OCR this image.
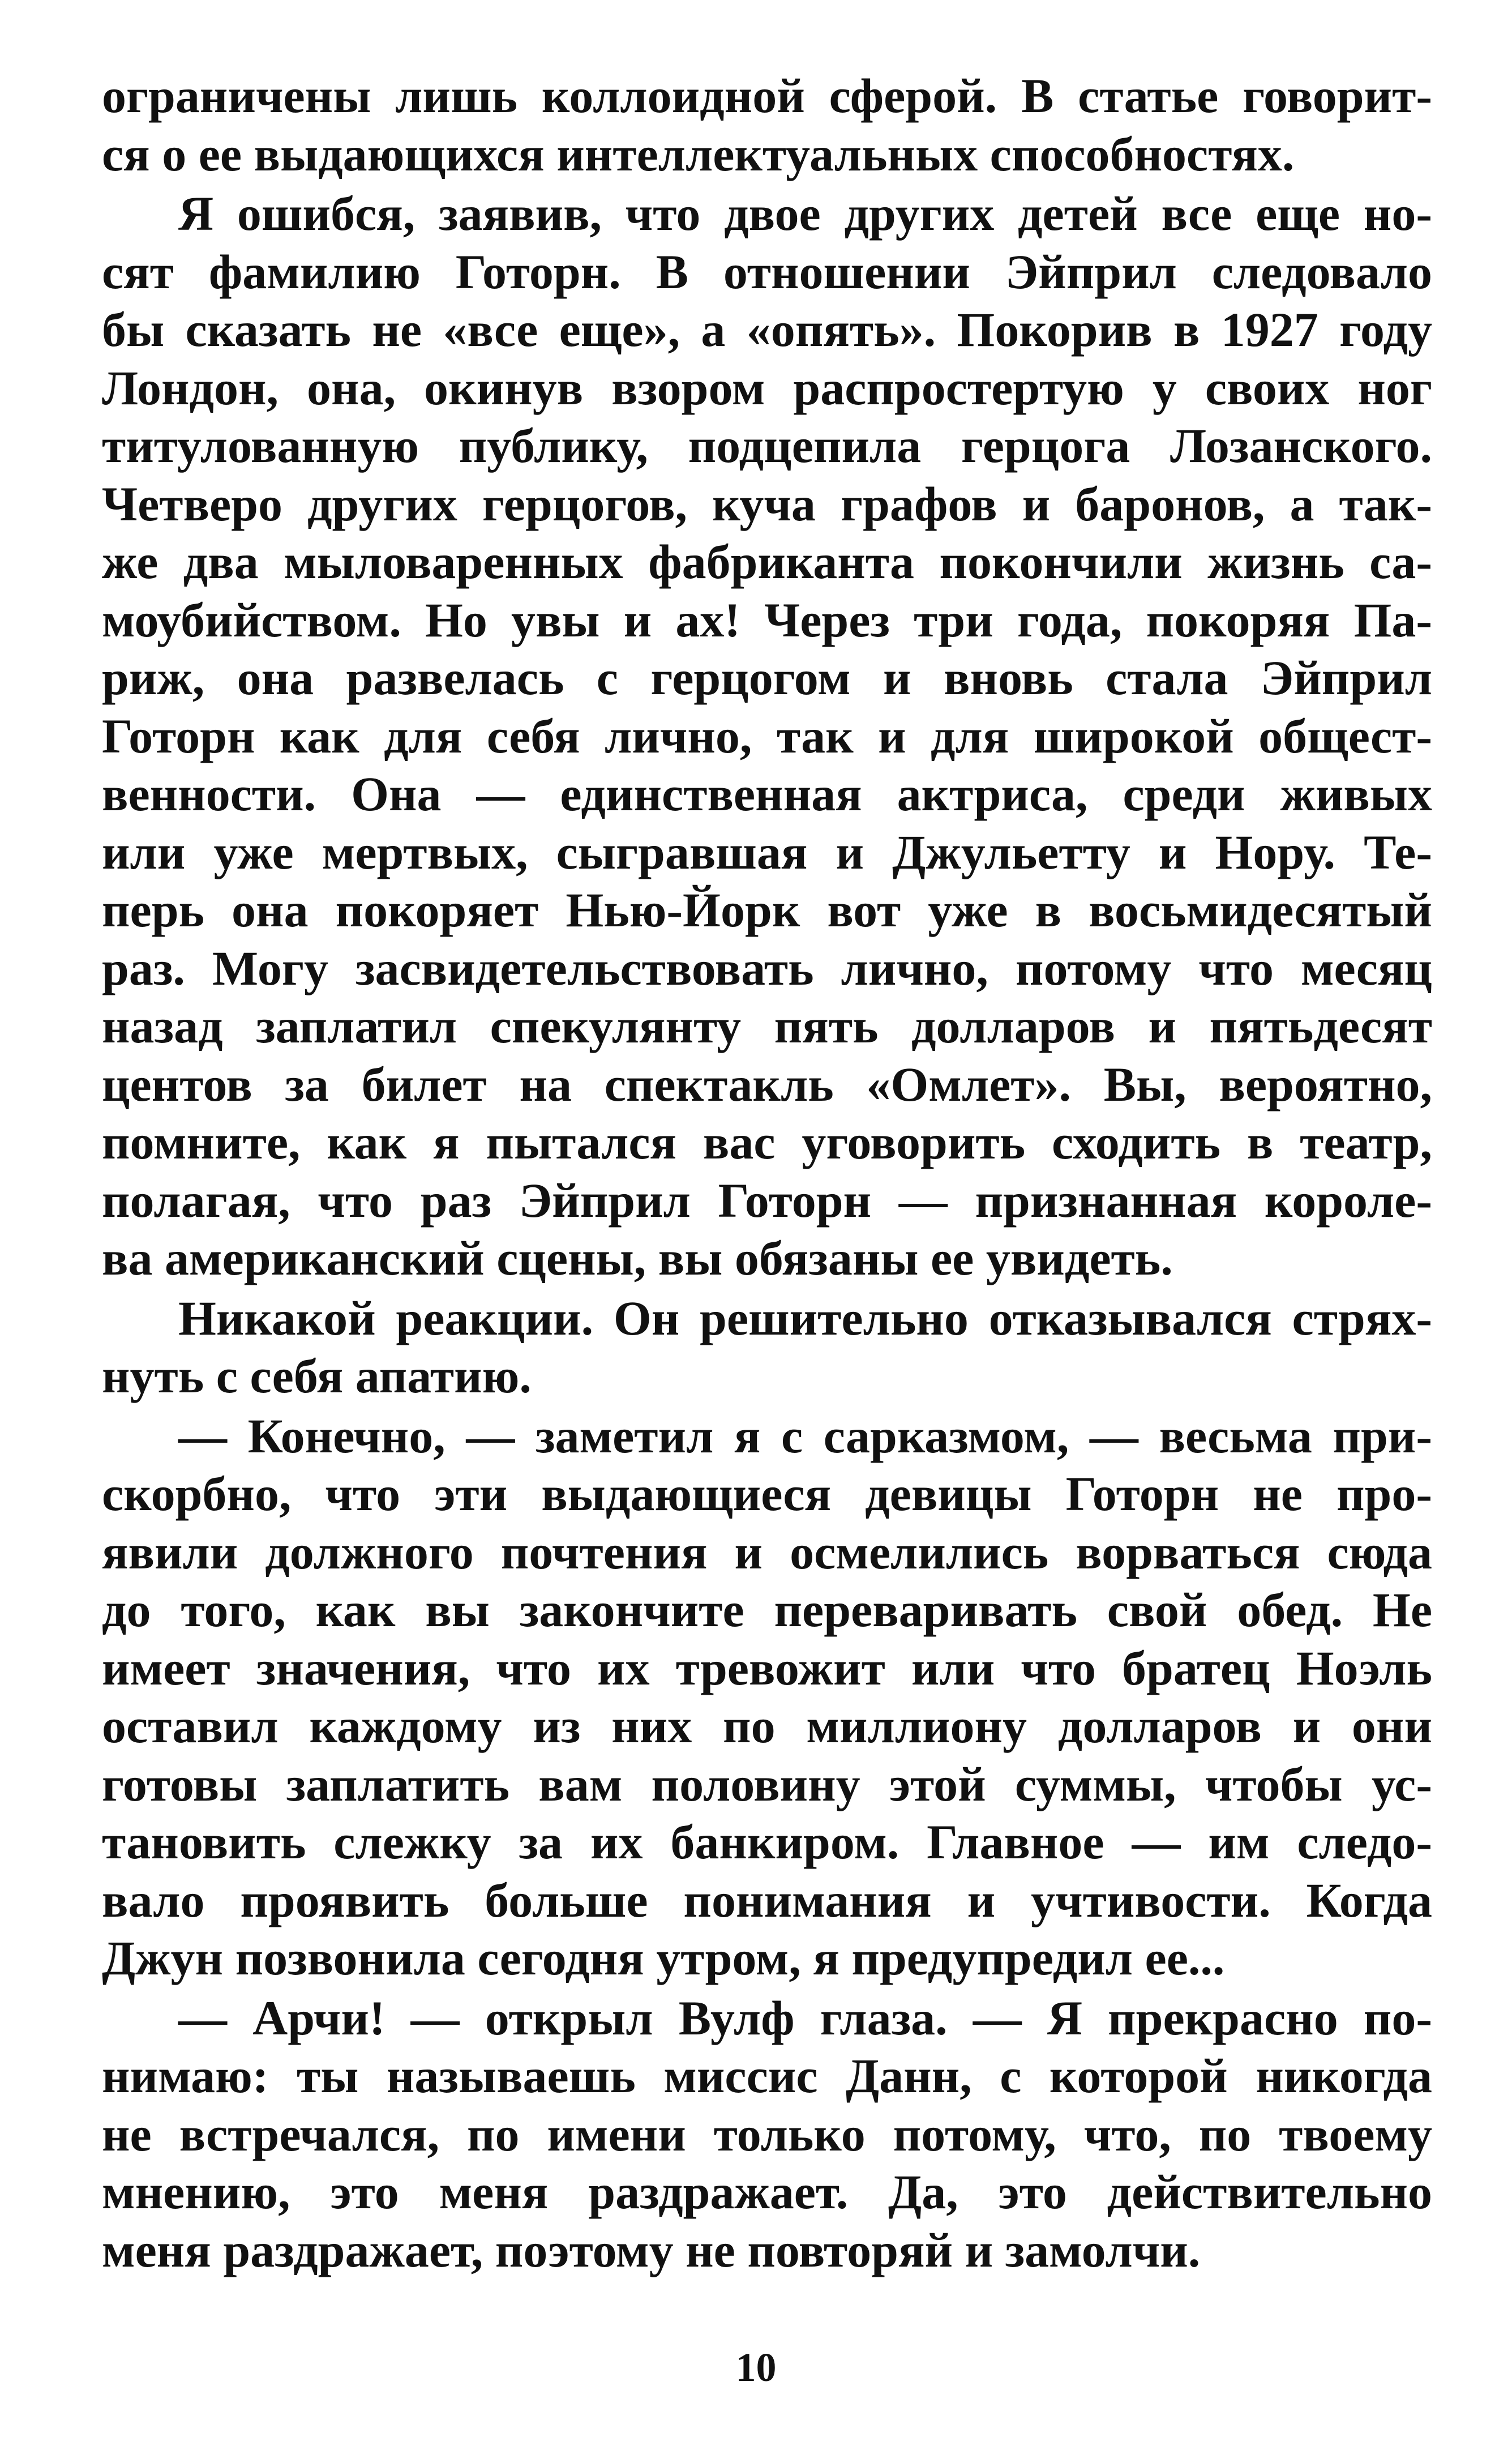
ограничены лишь коллоидной сферой. В статье говорит-
ся о ее выдающихся интеллектуальных способностях.
Я ошибся, заявив, что двое других детей все еще но-
сят фамилию Готорн. В отношении Эйприл следовало
бы сказать не «все еще», а «опять». Покорив в 1927 году
Лондон, она, окинув взором распростертую у своих ног
титулованную публику, подцепила герцога Лозанского.
Четверо других герцогов, куча графов и баронов, а так-
же два мыловаренных фабриканта покончили жизнь са-
моубийством. Но увы и ах! Через три года, покоряя Па-
риж, она развелась с герцогом и вновь стала Эйприл
Готорн как для себя лично, так и для широкой общест-
венности. Она — единственная актриса, среди живых
или уже мертвых, сыгравшая и Джульетту и Нору. Те-
перь она покоряет Нью-Йорк вот уже в восьмидесятый
раз. Могу засвидетельствовать лично, потому что месяц
назад заплатил спекулянту пять долларов и пятьдесят
центов за билет на спектакль «Омлет». Вы, вероятно,
помните, как я пытался вас уговорить сходить в театр,
полагая, что раз Эйприл Готорн — признанная короле-
ва американский сцены, вы обязаны ее увидеть.
Никакой реакции. Он решительно отказывался стрях-
нуть с себя апатию.
— Конечно, — заметил я с сарказмом, — весьма при-
скорбно, что эти выдающиеся девицы Готорн не про-
явили должного почтения и осмелились ворваться сюда
до того, как вы закончите переваривать свой обед. Не
имеет значения, что их тревожит или что братец Ноэль
оставил каждому из них по миллиону долларов и они
готовы заплатить вам половину этой суммы, чтобы ус-
тановить слежку за их банкиром. Главное — им следо-
вало проявить больше понимания и учтивости. Когда
Джун позвонила сегодня утром, я предупредил ее...
— Арчи! — открыл Вулф глаза. — Я прекрасно по-
нимаю: ты называешь миссис Данн, с которой никогда
не встречался, по имени только потому, что, по твоему
мнению, это меня раздражает. Да, это действительно
меня раздражает, поэтому не повторяй и замолчи.
10
